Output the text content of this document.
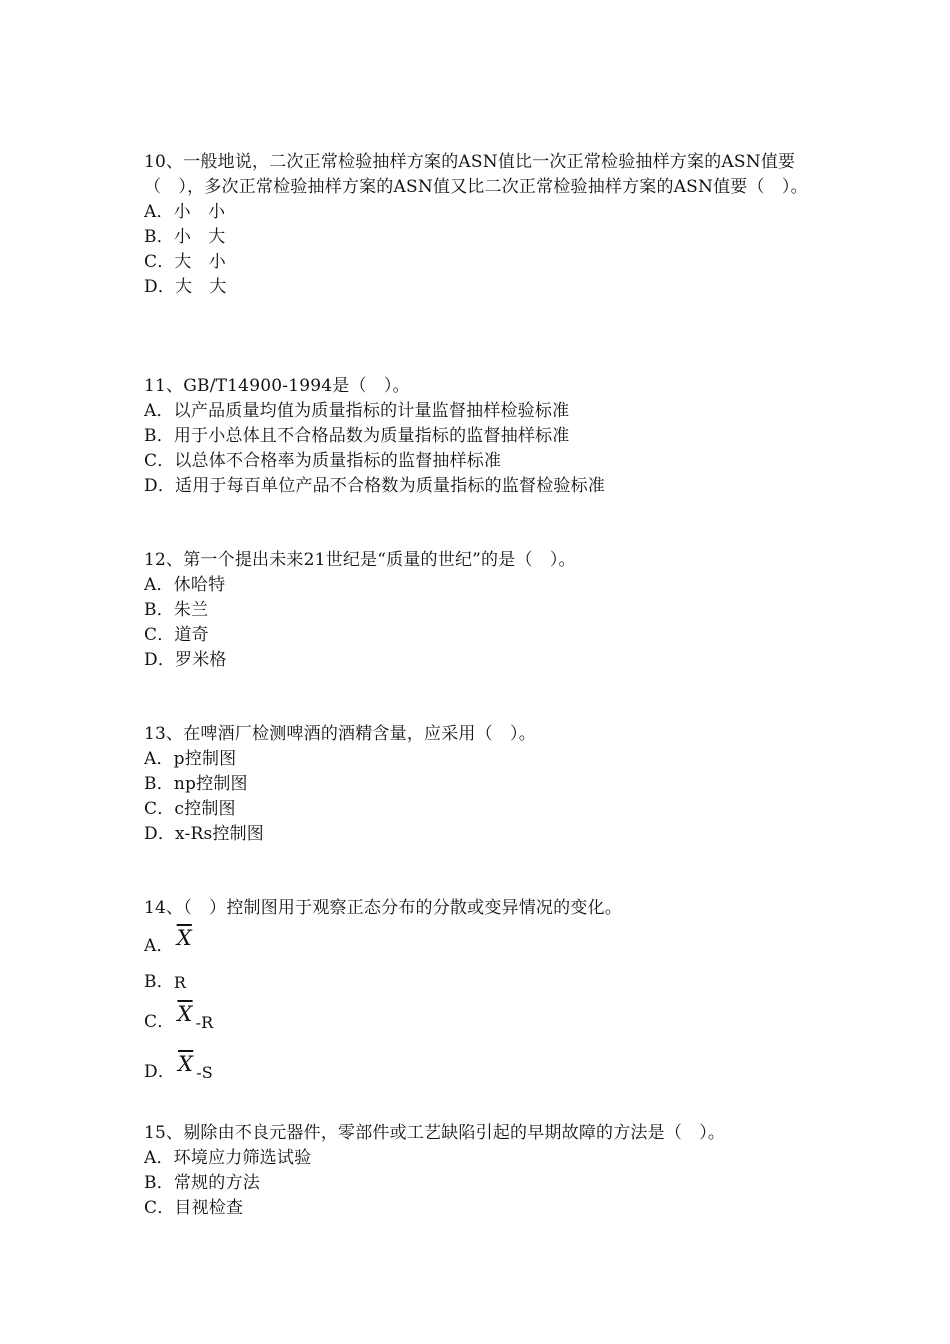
10、一般地说，二次正常检验抽样方案的ASN值比一次正常检验抽样方案的ASN值要 （　），多次正常检验抽样方案的ASN值又比二次正常检验抽样方案的ASN值要（　）。
A．小　小
B．小　大
C．大　小
D．大　大
11、GB/T14900-1994是（　）。
A．以产品质量均值为质量指标的计量监督抽样检验标准
B．用于小总体且不合格品数为质量指标的监督抽样标准
C．以总体不合格率为质量指标的监督抽样标准
D．适用于每百单位产品不合格数为质量指标的监督检验标准
12、第一个提出未来21世纪是“质量的世纪”的是（　）。
A．休哈特
B．朱兰
C．道奇
D．罗米格
13、在啤酒厂检测啤酒的酒精含量，应采用（　）。
A．p控制图
B．np控制图
C．c控制图
D．x-Rs控制图
14、（　）控制图用于观察正态分布的分散或变异情况的变化。
A． $\overline{X}$
B． R
C． $\overline{X}$ -R
D． $\overline{X}$ -S
15、剔除由不良元器件，零部件或工艺缺陷引起的早期故障的方法是（　）。
A．环境应力筛选试验
B．常规的方法
C．目视检查
